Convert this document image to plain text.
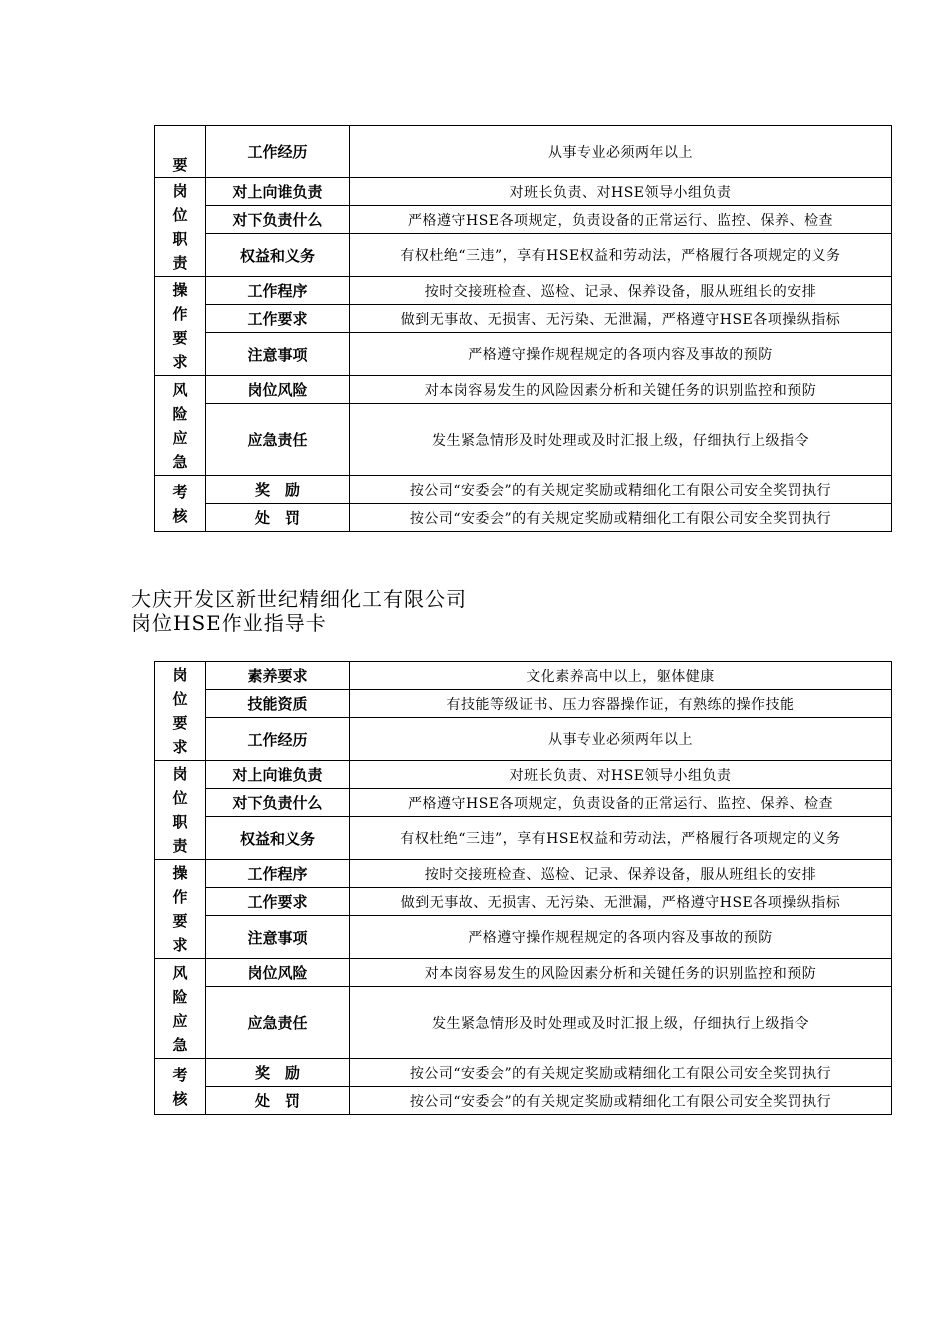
要	工作经历	从事专业必须两年以上

岗位职责	对上向谁负责	对班长负责、对HSE领导小组负责
	对下负责什么	严格遵守HSE各项规定，负责设备的正常运行、监控、保养、检查
	权益和义务	有权杜绝“三违”，享有HSE权益和劳动法，严格履行各项规定的义务

操作要求	工作程序	按时交接班检查、巡检、记录、保养设备，服从班组长的安排
	工作要求	做到无事故、无损害、无污染、无泄漏，严格遵守HSE各项操纵指标
	注意事项	严格遵守操作规程规定的各项内容及事故的预防

风险应急	岗位风险	对本岗容易发生的风险因素分析和关键任务的识别监控和预防
	应急责任	发生紧急情形及时处理或及时汇报上级，仔细执行上级指令

考核	奖　励	按公司“安委会”的有关规定奖励或精细化工有限公司安全奖罚执行
	处　罚	按公司“安委会”的有关规定奖励或精细化工有限公司安全奖罚执行
大庆开发区新世纪精细化工有限公司
岗位HSE作业指导卡
岗位要求	素养要求	文化素养高中以上，躯体健康
	技能资质	有技能等级证书、压力容器操作证，有熟练的操作技能
	工作经历	从事专业必须两年以上

岗位职责	对上向谁负责	对班长负责、对HSE领导小组负责
	对下负责什么	严格遵守HSE各项规定，负责设备的正常运行、监控、保养、检查
	权益和义务	有权杜绝“三违”，享有HSE权益和劳动法，严格履行各项规定的义务

操作要求	工作程序	按时交接班检查、巡检、记录、保养设备，服从班组长的安排
	工作要求	做到无事故、无损害、无污染、无泄漏，严格遵守HSE各项操纵指标
	注意事项	严格遵守操作规程规定的各项内容及事故的预防

风险应急	岗位风险	对本岗容易发生的风险因素分析和关键任务的识别监控和预防
	应急责任	发生紧急情形及时处理或及时汇报上级，仔细执行上级指令

考核	奖　励	按公司“安委会”的有关规定奖励或精细化工有限公司安全奖罚执行
	处　罚	按公司“安委会”的有关规定奖励或精细化工有限公司安全奖罚执行
